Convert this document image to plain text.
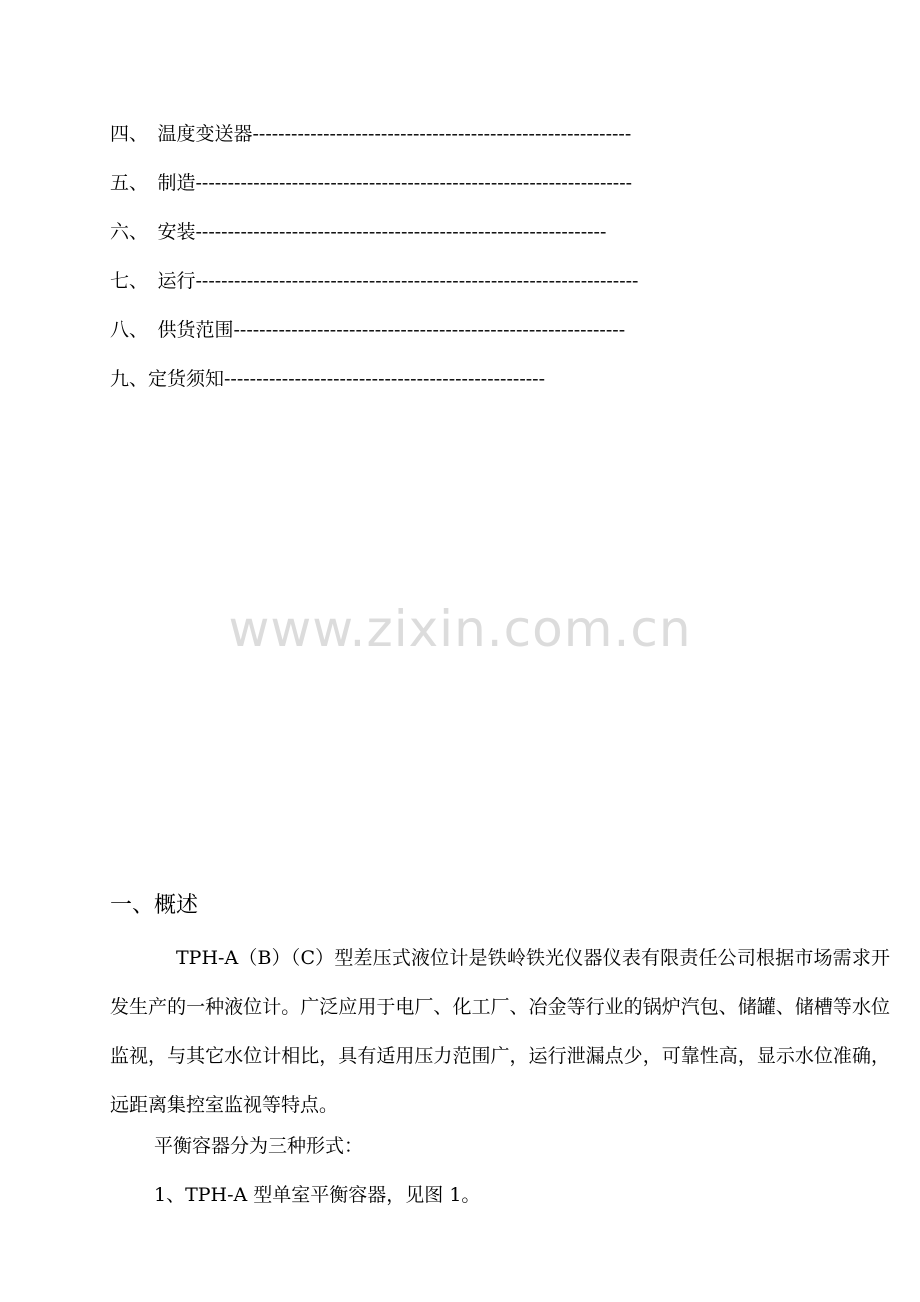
四、　温度变送器-----------------------------------------------------------
五、　制造--------------------------------------------------------------------
六、　安装----------------------------------------------------------------
七、　运行---------------------------------------------------------------------
八、　供货范围-------------------------------------------------------------
九、定货须知--------------------------------------------------
www.zixin.com.cn
一、概述
TPH-A（B）（C）型差压式液位计是铁岭铁光仪器仪表有限责任公司根据市场需求开发生产的一种液位计。广泛应用于电厂、化工厂、冶金等行业的锅炉汽包、储罐、储槽等水位监视，与其它水位计相比，具有适用压力范围广，运行泄漏点少，可靠性高，显示水位准确，远距离集控室监视等特点。
平衡容器分为三种形式：
1、TPH-A 型单室平衡容器，见图 1。
